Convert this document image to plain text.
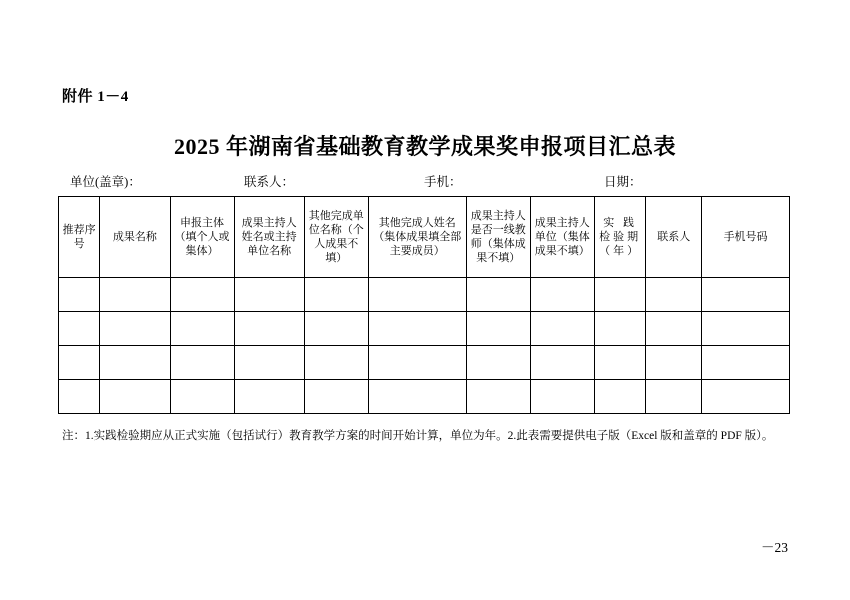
附件 1－4
2025 年湖南省基础教育教学成果奖申报项目汇总表
单位(盖章)：	联系人：	手机：	日期：
推荐序号	成果名称	申报主体（填个人或集体）	成果主持人姓名或主持单位名称	其他完成单位名称（个人成果不填）	其他完成人姓名（集体成果填全部主要成员）	成果主持人是否一线教师（集体成果不填）	成果主持人单位（集体成果不填）	实 践检验期（年）	联系人	手机号码

注：1.实践检验期应从正式实施（包括试行）教育教学方案的时间开始计算，单位为年。2.此表需要提供电子版（Excel 版和盖章的 PDF 版）。
－23
